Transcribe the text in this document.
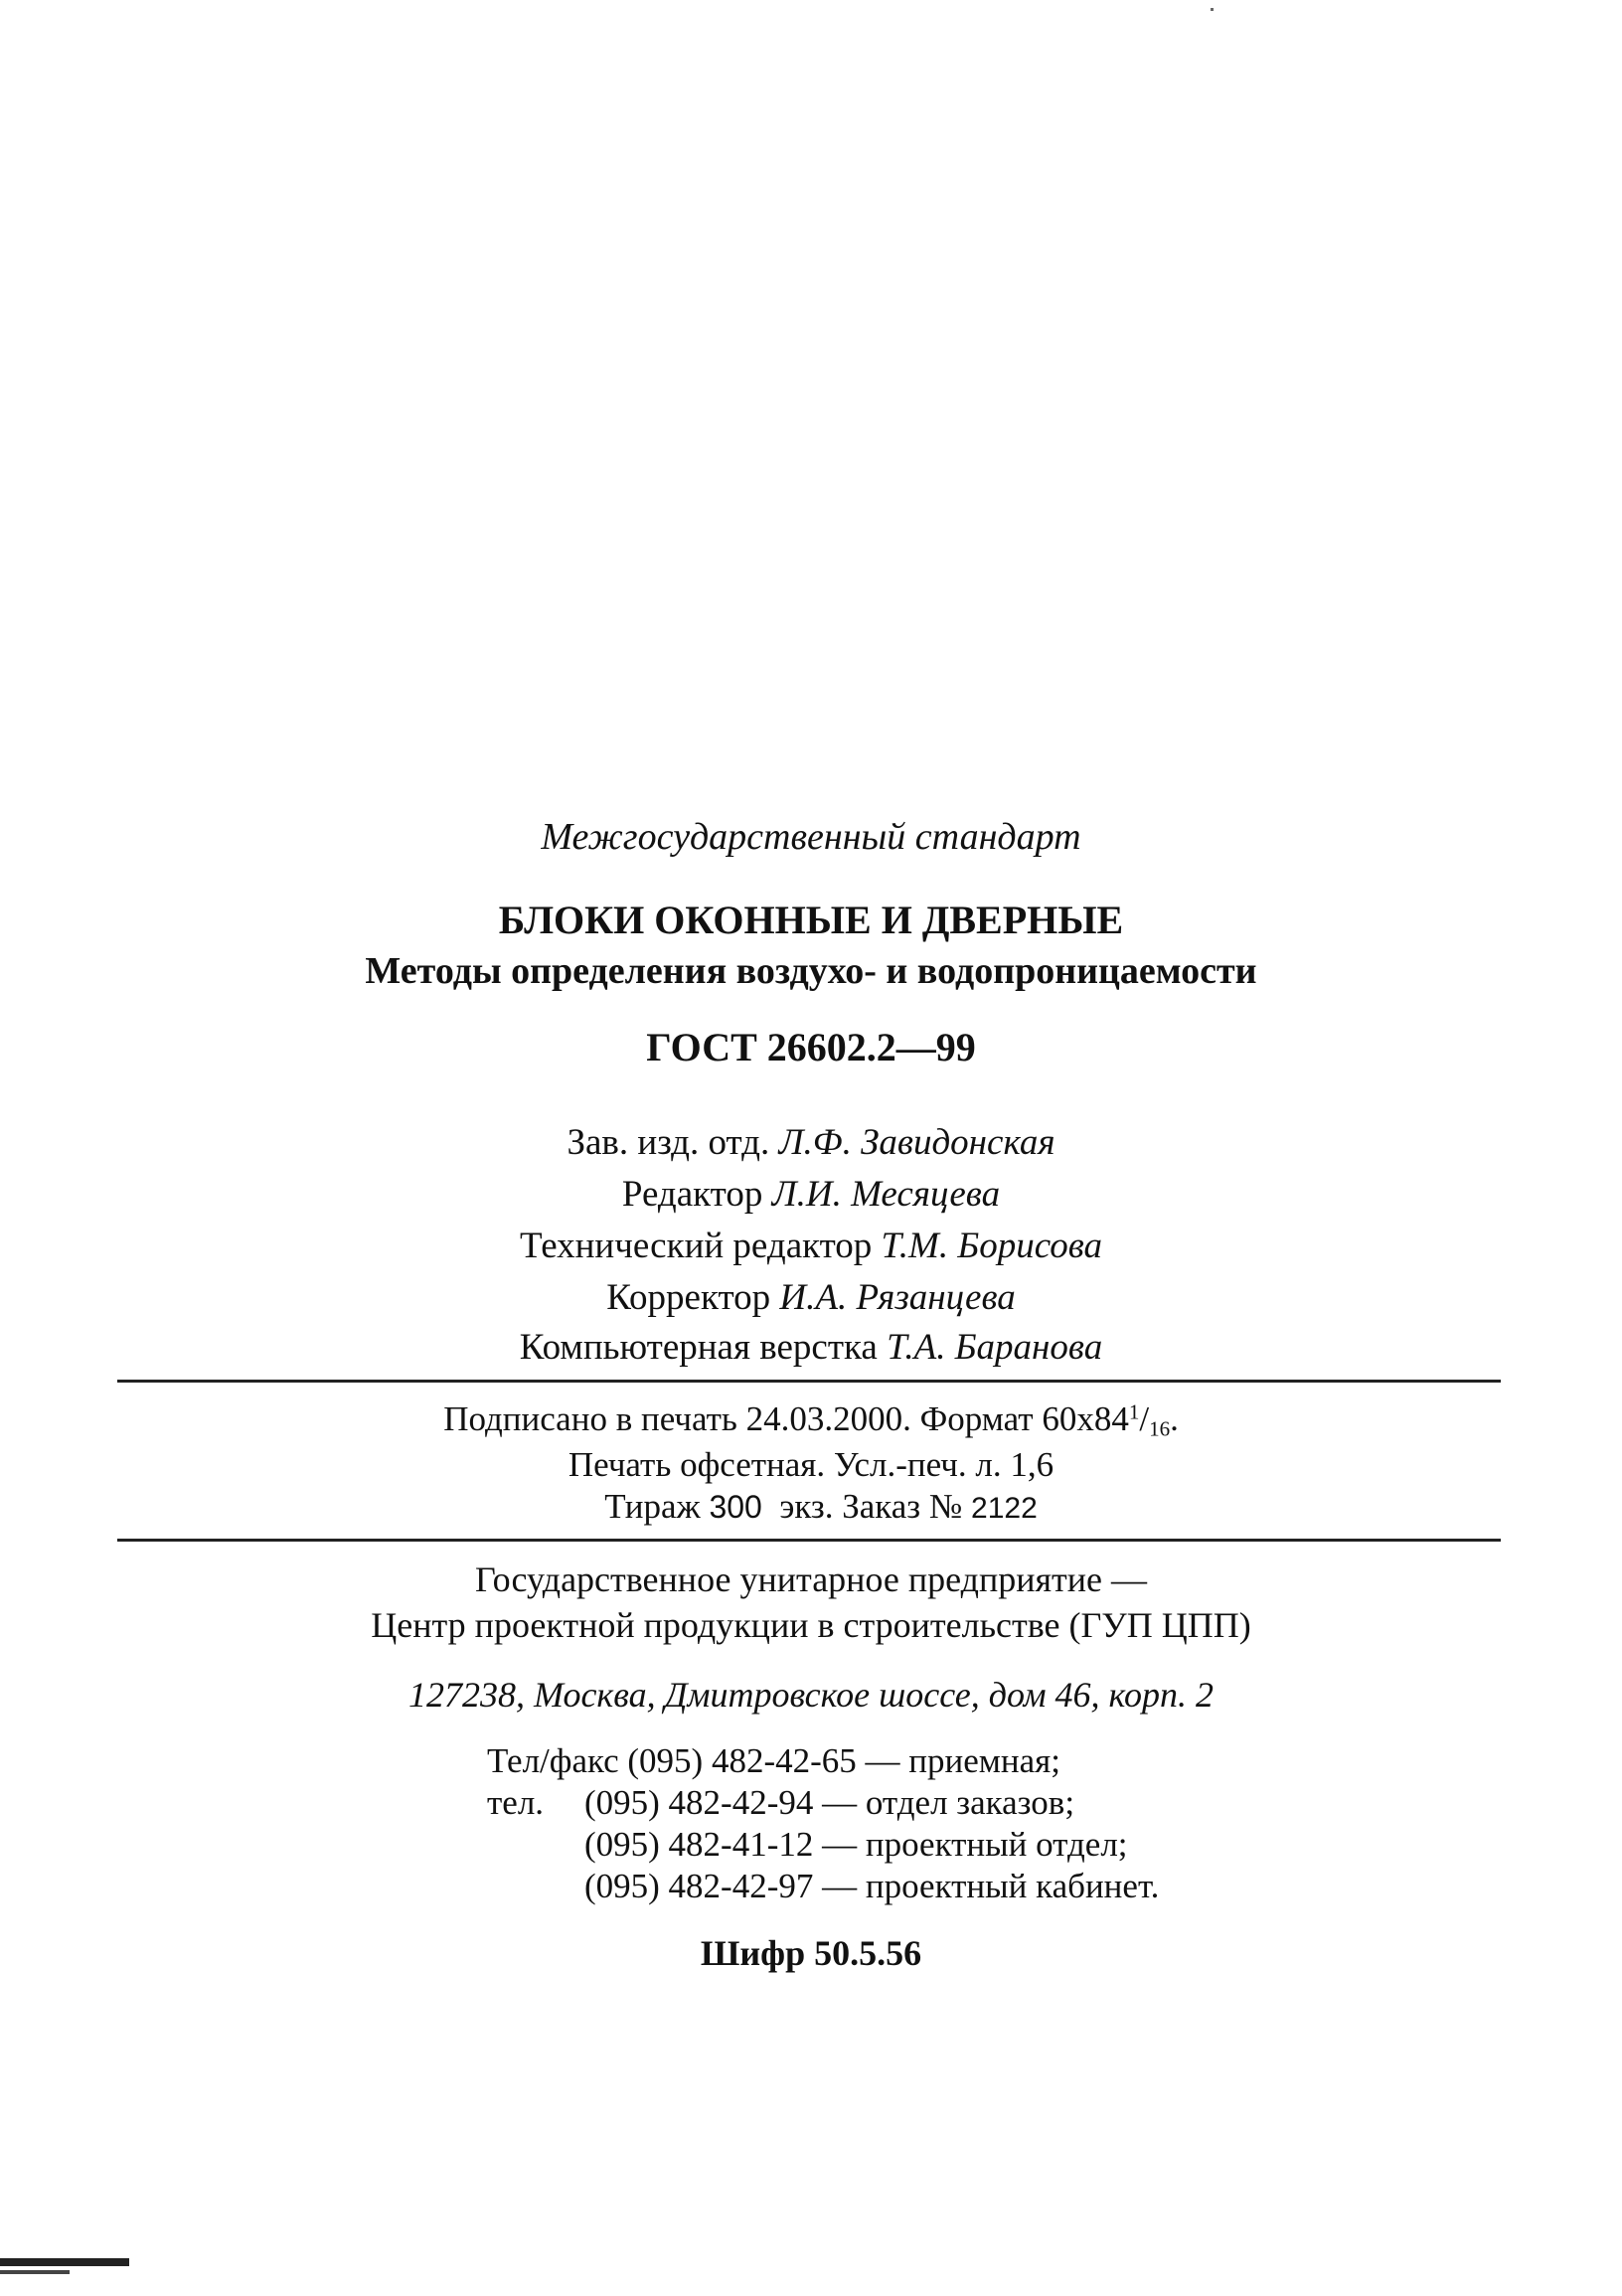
Межгосударственный стандарт
БЛОКИ ОКОННЫЕ И ДВЕРНЫЕ
Методы определения воздухо- и водопроницаемости
ГОСТ 26602.2—99
Зав. изд. отд. Л.Ф. Завидонская
Редактор Л.И. Месяцева
Технический редактор Т.М. Борисова
Корректор И.А. Рязанцева
Компьютерная верстка Т.А. Баранова
Подписано в печать 24.03.2000. Формат $60х84^1/_{16}$.
Печать офсетная. Усл.-печ. л. 1,6
Тираж 300 экз. Заказ № 2122
Государственное унитарное предприятие —
Центр проектной продукции в строительстве (ГУП ЦПП)
127238, Москва, Дмитровское шоссе, дом 46, корп. 2
Тел/факс (095) 482-42-65 — приемная;
тел. (095) 482-42-94 — отдел заказов;
(095) 482-41-12 — проектный отдел;
(095) 482-42-97 — проектный кабинет.
Шифр 50.5.56
